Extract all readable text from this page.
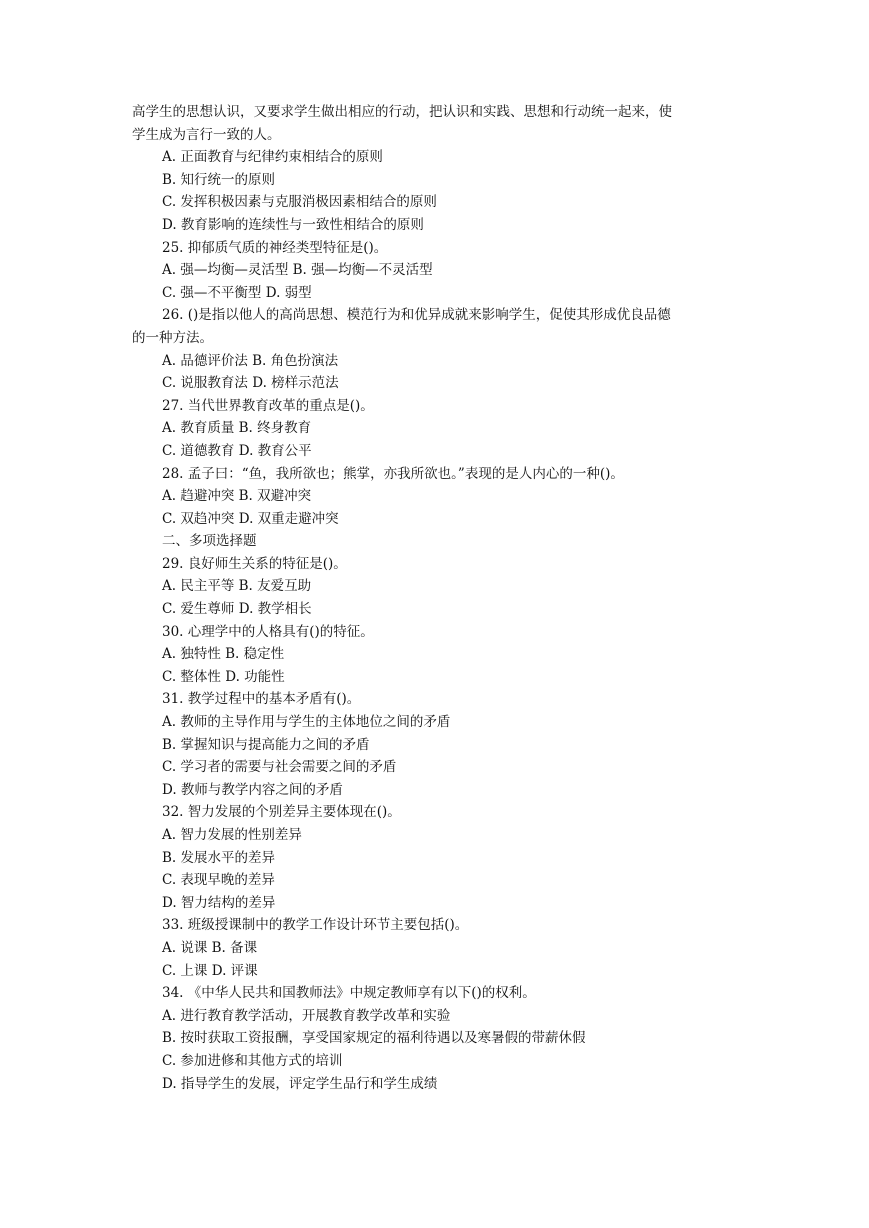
高学生的思想认识，又要求学生做出相应的行动，把认识和实践、思想和行动统一起来，使
学生成为言行一致的人。
A. 正面教育与纪律约束相结合的原则
B. 知行统一的原则
C. 发挥积极因素与克服消极因素相结合的原则
D. 教育影响的连续性与一致性相结合的原则
25. 抑郁质气质的神经类型特征是()。
A. 强—均衡—灵活型 B. 强—均衡—不灵活型
C. 强—不平衡型 D. 弱型
26. ()是指以他人的高尚思想、模范行为和优异成就来影响学生，促使其形成优良品德
的一种方法。
A. 品德评价法 B. 角色扮演法
C. 说服教育法 D. 榜样示范法
27. 当代世界教育改革的重点是()。
A. 教育质量 B. 终身教育
C. 道德教育 D. 教育公平
28. 孟子曰：“鱼，我所欲也；熊掌，亦我所欲也。”表现的是人内心的一种()。
A. 趋避冲突 B. 双避冲突
C. 双趋冲突 D. 双重走避冲突
二、多项选择题
29. 良好师生关系的特征是()。
A. 民主平等 B. 友爱互助
C. 爱生尊师 D. 教学相长
30. 心理学中的人格具有()的特征。
A. 独特性 B. 稳定性
C. 整体性 D. 功能性
31. 教学过程中的基本矛盾有()。
A. 教师的主导作用与学生的主体地位之间的矛盾
B. 掌握知识与提高能力之间的矛盾
C. 学习者的需要与社会需要之间的矛盾
D. 教师与教学内容之间的矛盾
32. 智力发展的个别差异主要体现在()。
A. 智力发展的性别差异
B. 发展水平的差异
C. 表现早晚的差异
D. 智力结构的差异
33. 班级授课制中的教学工作设计环节主要包括()。
A. 说课 B. 备课
C. 上课 D. 评课
34. 《中华人民共和国教师法》中规定教师享有以下()的权利。
A. 进行教育教学活动，开展教育教学改革和实验
B. 按时获取工资报酬，享受国家规定的福利待遇以及寒暑假的带薪休假
C. 参加进修和其他方式的培训
D. 指导学生的发展，评定学生品行和学生成绩
